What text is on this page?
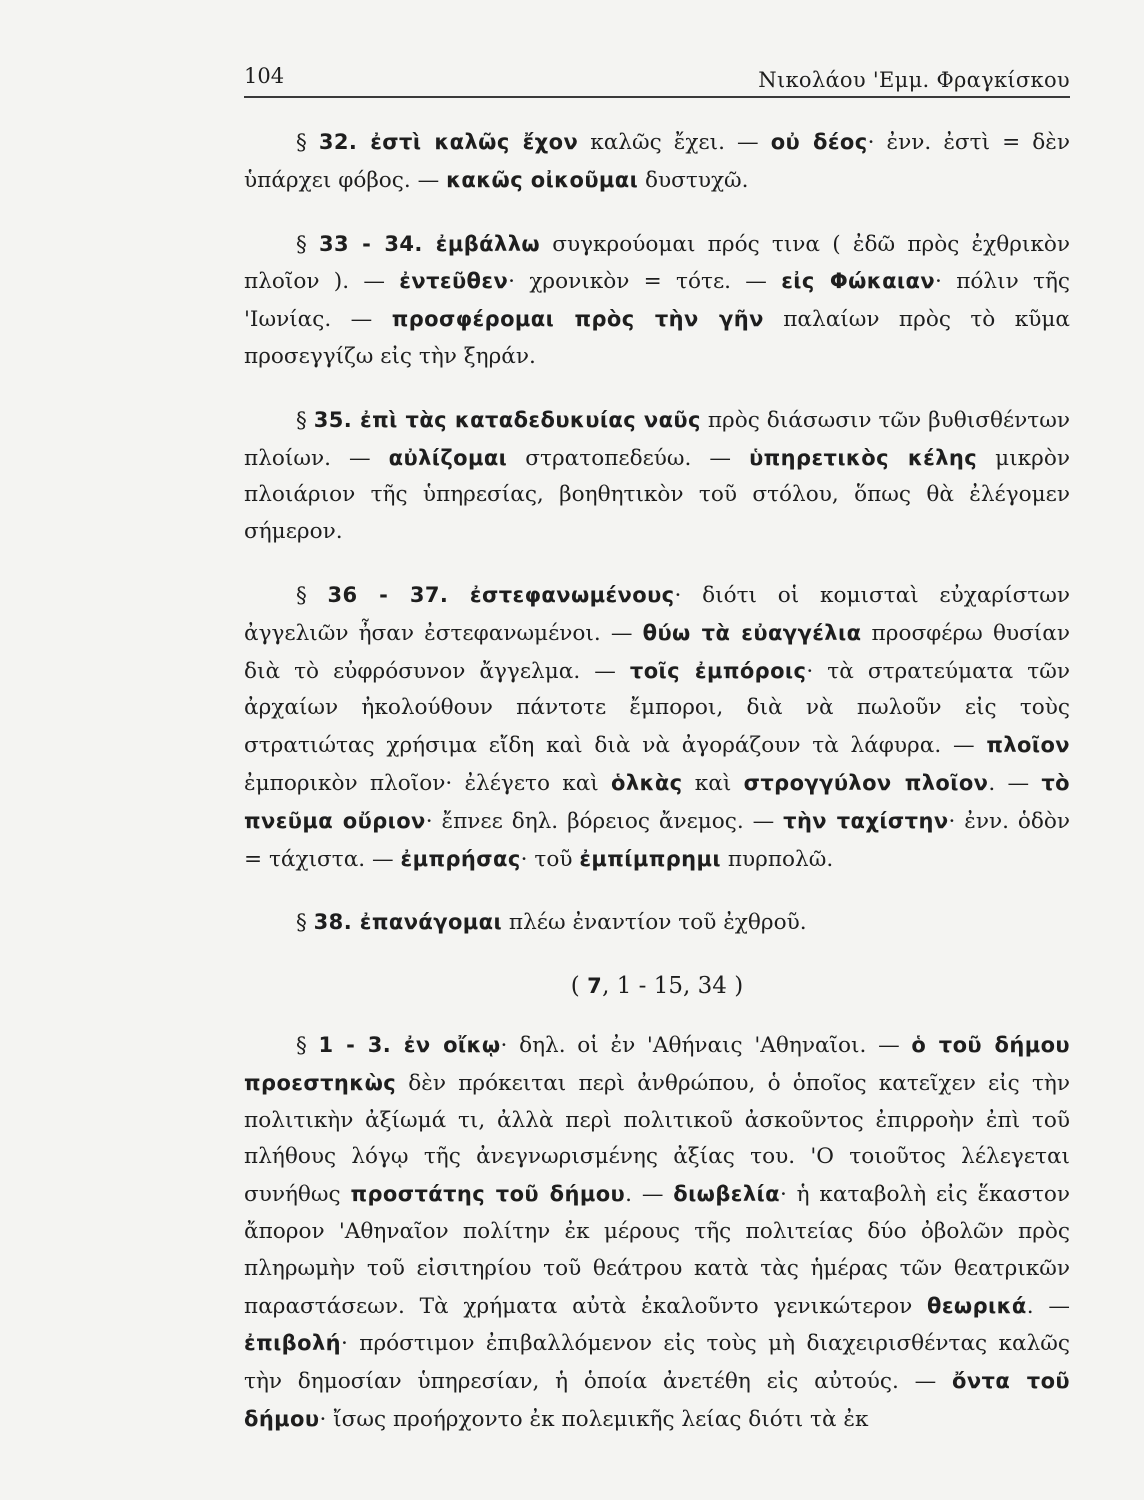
104	Νικολάου 'Εμμ. Φραγκίσκου

§ 32. ἐστὶ καλῶς ἔχον καλῶς ἔχει. — οὐ δέος· ἐνν. ἐστὶ = δὲν ὑπάρχει φόβος. — κακῶς οἰκοῦμαι δυστυχῶ.

§ 33 - 34. ἐμβάλλω συγκρούομαι πρός τινα ( ἐδῶ πρὸς ἐχθρικὸν πλοῖον ). — ἐντεῦθεν· χρονικὸν = τότε. — εἰς Φώκαιαν· πόλιν τῆς 'Ιωνίας. — προσφέρομαι πρὸς τὴν γῆν παλαίων πρὸς τὸ κῦμα προσεγγίζω εἰς τὴν ξηράν.

§ 35. ἐπὶ τὰς καταδεδυκυίας ναῦς πρὸς διάσωσιν τῶν βυθισθέντων πλοίων. — αὐλίζομαι στρατοπεδεύω. — ὑπηρετικὸς κέλης μικρὸν πλοιάριον τῆς ὑπηρεσίας, βοηθητικὸν τοῦ στόλου, ὅπως θὰ ἐλέγομεν σήμερον.

§ 36 - 37. ἐστεφανωμένους· διότι οἱ κομισταὶ εὐχαρίστων ἀγγελιῶν ἦσαν ἐστεφανωμένοι. — θύω τὰ εὐαγγέλια προσφέρω θυσίαν διὰ τὸ εὐφρόσυνον ἄγγελμα. — τοῖς ἐμπόροις· τὰ στρατεύματα τῶν ἀρχαίων ἠκολούθουν πάντοτε ἔμποροι, διὰ νὰ πωλοῦν εἰς τοὺς στρατιώτας χρήσιμα εἴδη καὶ διὰ νὰ ἀγοράζουν τὰ λάφυρα. — πλοῖον ἐμπορικὸν πλοῖον· ἐλέγετο καὶ ὁλκὰς καὶ στρογγύλον πλοῖον. — τὸ πνεῦμα οὔριον· ἔπνεε δηλ. βόρειος ἄνεμος. — τὴν ταχίστην· ἐνν. ὁδὸν = τάχιστα. — ἐμπρήσας· τοῦ ἐμπίμπρημι πυρπολῶ.

§ 38. ἐπανάγομαι πλέω ἐναντίον τοῦ ἐχθροῦ.

( 7, 1 - 15, 34 )

§ 1 - 3. ἐν οἴκῳ· δηλ. οἱ ἐν 'Αθήναις 'Αθηναῖοι. — ὁ τοῦ δήμου προεστηκὼς δὲν πρόκειται περὶ ἀνθρώπου, ὁ ὁποῖος κατεῖχεν εἰς τὴν πολιτικὴν ἀξίωμά τι, ἀλλὰ περὶ πολιτικοῦ ἀσκοῦντος ἐπιρροὴν ἐπὶ τοῦ πλήθους λόγῳ τῆς ἀνεγνωρισμένης ἀξίας του. 'Ο τοιοῦτος λέλεγεται συνήθως προστάτης τοῦ δήμου. — διωβελία· ἡ καταβολὴ εἰς ἕκαστον ἄπορον 'Αθηναῖον πολίτην ἐκ μέρους τῆς πολιτείας δύο ὀβολῶν πρὸς πληρωμὴν τοῦ εἰσιτηρίου τοῦ θεάτρου κατὰ τὰς ἡμέρας τῶν θεατρικῶν παραστάσεων. Τὰ χρήματα αὐτὰ ἐκαλοῦντο γενικώτερον θεωρικά. — ἐπιβολή· πρόστιμον ἐπιβαλλόμενον εἰς τοὺς μὴ διαχειρισθέντας καλῶς τὴν δημοσίαν ὑπηρεσίαν, ἡ ὁποία ἀνετέθη εἰς αὐτούς. — ὄντα τοῦ δήμου· ἴσως προήρχοντο ἐκ πολεμικῆς λείας διότι τὰ ἐκ
